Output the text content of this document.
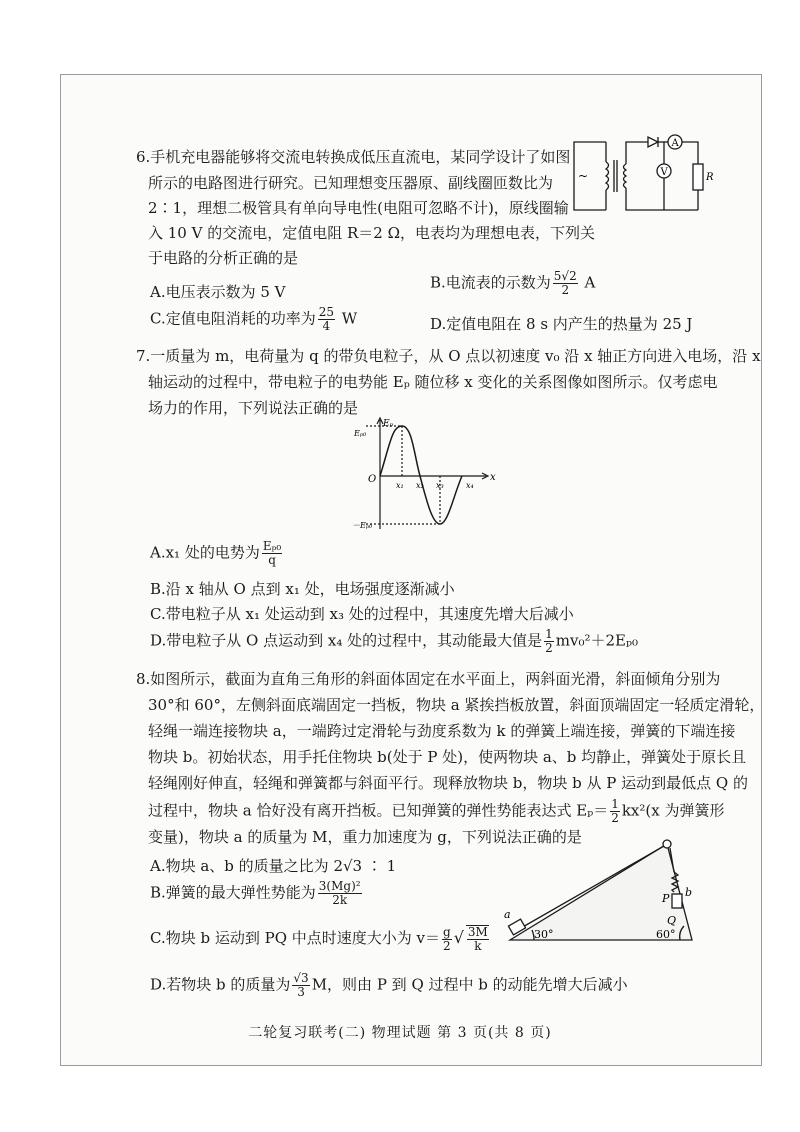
6.手机充电器能够将交流电转换成低压直流电，某同学设计了如图
所示的电路图进行研究。已知理想变压器原、副线圈匝数比为
2∶1，理想二极管具有单向导电性(电阻可忽略不计)，原线圈输
入 10 V 的交流电，定值电阻 R＝2 Ω，电表均为理想电表，下列关
于电路的分析正确的是
A.电压表示数为 5 V
B.电流表的示数为 $\frac{5√2}{2}$ A
C.定值电阻消耗的功率为 $\frac{25}{4}$ W	D.定值电阻在 8 s 内产生的热量为 25 J
A
V	R
~
7.一质量为 m，电荷量为 q 的带负电粒子，从 O 点以初速度 v₀ 沿 x 轴正方向进入电场，沿 x
轴运动的过程中，带电粒子的电势能 Eₚ 随位移 x 变化的关系图像如图所示。仅考虑电
场力的作用，下列说法正确的是
Eₚ
Eₚ₀
－Eₚ₀
O	x
x₁ x₂ x₃	x₄
A.x₁ 处的电势为 $\frac{\text{Eₚ₀}}{q}$
B.沿 x 轴从 O 点到 x₁ 处，电场强度逐渐减小
C.带电粒子从 x₁ 处运动到 x₃ 处的过程中，其速度先增大后减小
D.带电粒子从 O 点运动到 x₄ 处的过程中，其动能最大值是 $\frac{1}{2} mv_0^2+2E_{p0}$
8.如图所示，截面为直角三角形的斜面体固定在水平面上，两斜面光滑，斜面倾角分别为
30°和 60°，左侧斜面底端固定一挡板，物块 a 紧挨挡板放置，斜面顶端固定一轻质定滑轮，
轻绳一端连接物块 a，一端跨过定滑轮与劲度系数为 k 的弹簧上端连接，弹簧的下端连接
物块 b。初始状态，用手托住物块 b(处于 P 处)，使两物块 a、b 均静止，弹簧处于原长且
轻绳刚好伸直，轻绳和弹簧都与斜面平行。现释放物块 b，物块 b 从 P 运动到最低点 Q 的
过程中，物块 a 恰好没有离开挡板。已知弹簧的弹性势能表达式 $E_p= \frac{1}{2} kx^2(x$ 为弹簧形
变量)，物块 a 的质量为 M，重力加速度为 g，下列说法正确的是
A.物块 a、b 的质量之比为 2√3 ∶ 1
B.弹簧的最大弹性势能为 $\frac{\text{3(Mg)²}}{2k}$
C.物块 b 运动到 PQ 中点时速度大小为 $v= \frac{g}{2}$ √ $\frac{3M}{k}$
D.若物块 b 的质量为 $\frac{√3}{3}$ M，则由 P 到 Q 过程中 b 的动能先增大后减小
a
b
P
Q
30°	60°
二轮复习联考(二) 物理试题 第 3 页(共 8 页)
